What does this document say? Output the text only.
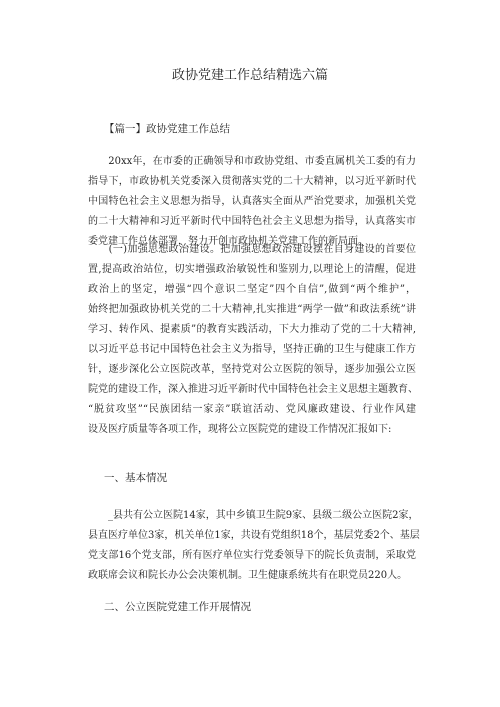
政协党建工作总结精选六篇
【篇一】政协党建工作总结
　　20xx年，在市委的正确领导和市政协党组、市委直属机关工委的有力
指导下，市政协机关党委深入贯彻落实党的二十大精神，以习近平新时代
中国特色社会主义思想为指导，认真落实全面从严治党要求，加强机关党
的二十大精神和习近平新时代中国特色社会主义思想为指导，认真落实市
委党建工作总体部署，努力开创市政协机关党建工作的新局面。
　　(一)加强思想政治建设。把加强思想政治建设摆在自身建设的首要位
置,提高政治站位，切实增强政治敏锐性和鉴别力,以理论上的清醒，促进
政治上的坚定，增强“四个意识二坚定”四个自信”,做到“两个维护”，
始终把加强政协机关党的二十大精神,扎实推进“两学一做”和政法系统”讲
学习、转作风、提素质”的教育实践活动，下大力推动了党的二十大精神,
以习近平总书记中国特色社会主义为指导，坚持正确的卫生与健康工作方
针，逐步深化公立医院改革，坚持党对公立医院的领导，逐步加强公立医
院党的建设工作，深入推进习近平新时代中国特色社会主义思想主题教育、
“脱贫攻坚”“民族团结一家亲”联谊活动、党风廉政建设、行业作风建
设及医疗质量等各项工作，现将公立医院党的建设工作情况汇报如下:
一、基本情况
　　_县共有公立医院14家，其中乡镇卫生院9家、县级二级公立医院2家，
县直医疗单位3家，机关单位1家，共设有党组织18个，基层党委2个、基层
党支部16个党支部，所有医疗单位实行党委领导下的院长负责制，采取党
政联席会议和院长办公会决策机制。卫生健康系统共有在职党员220人。
二、公立医院党建工作开展情况
